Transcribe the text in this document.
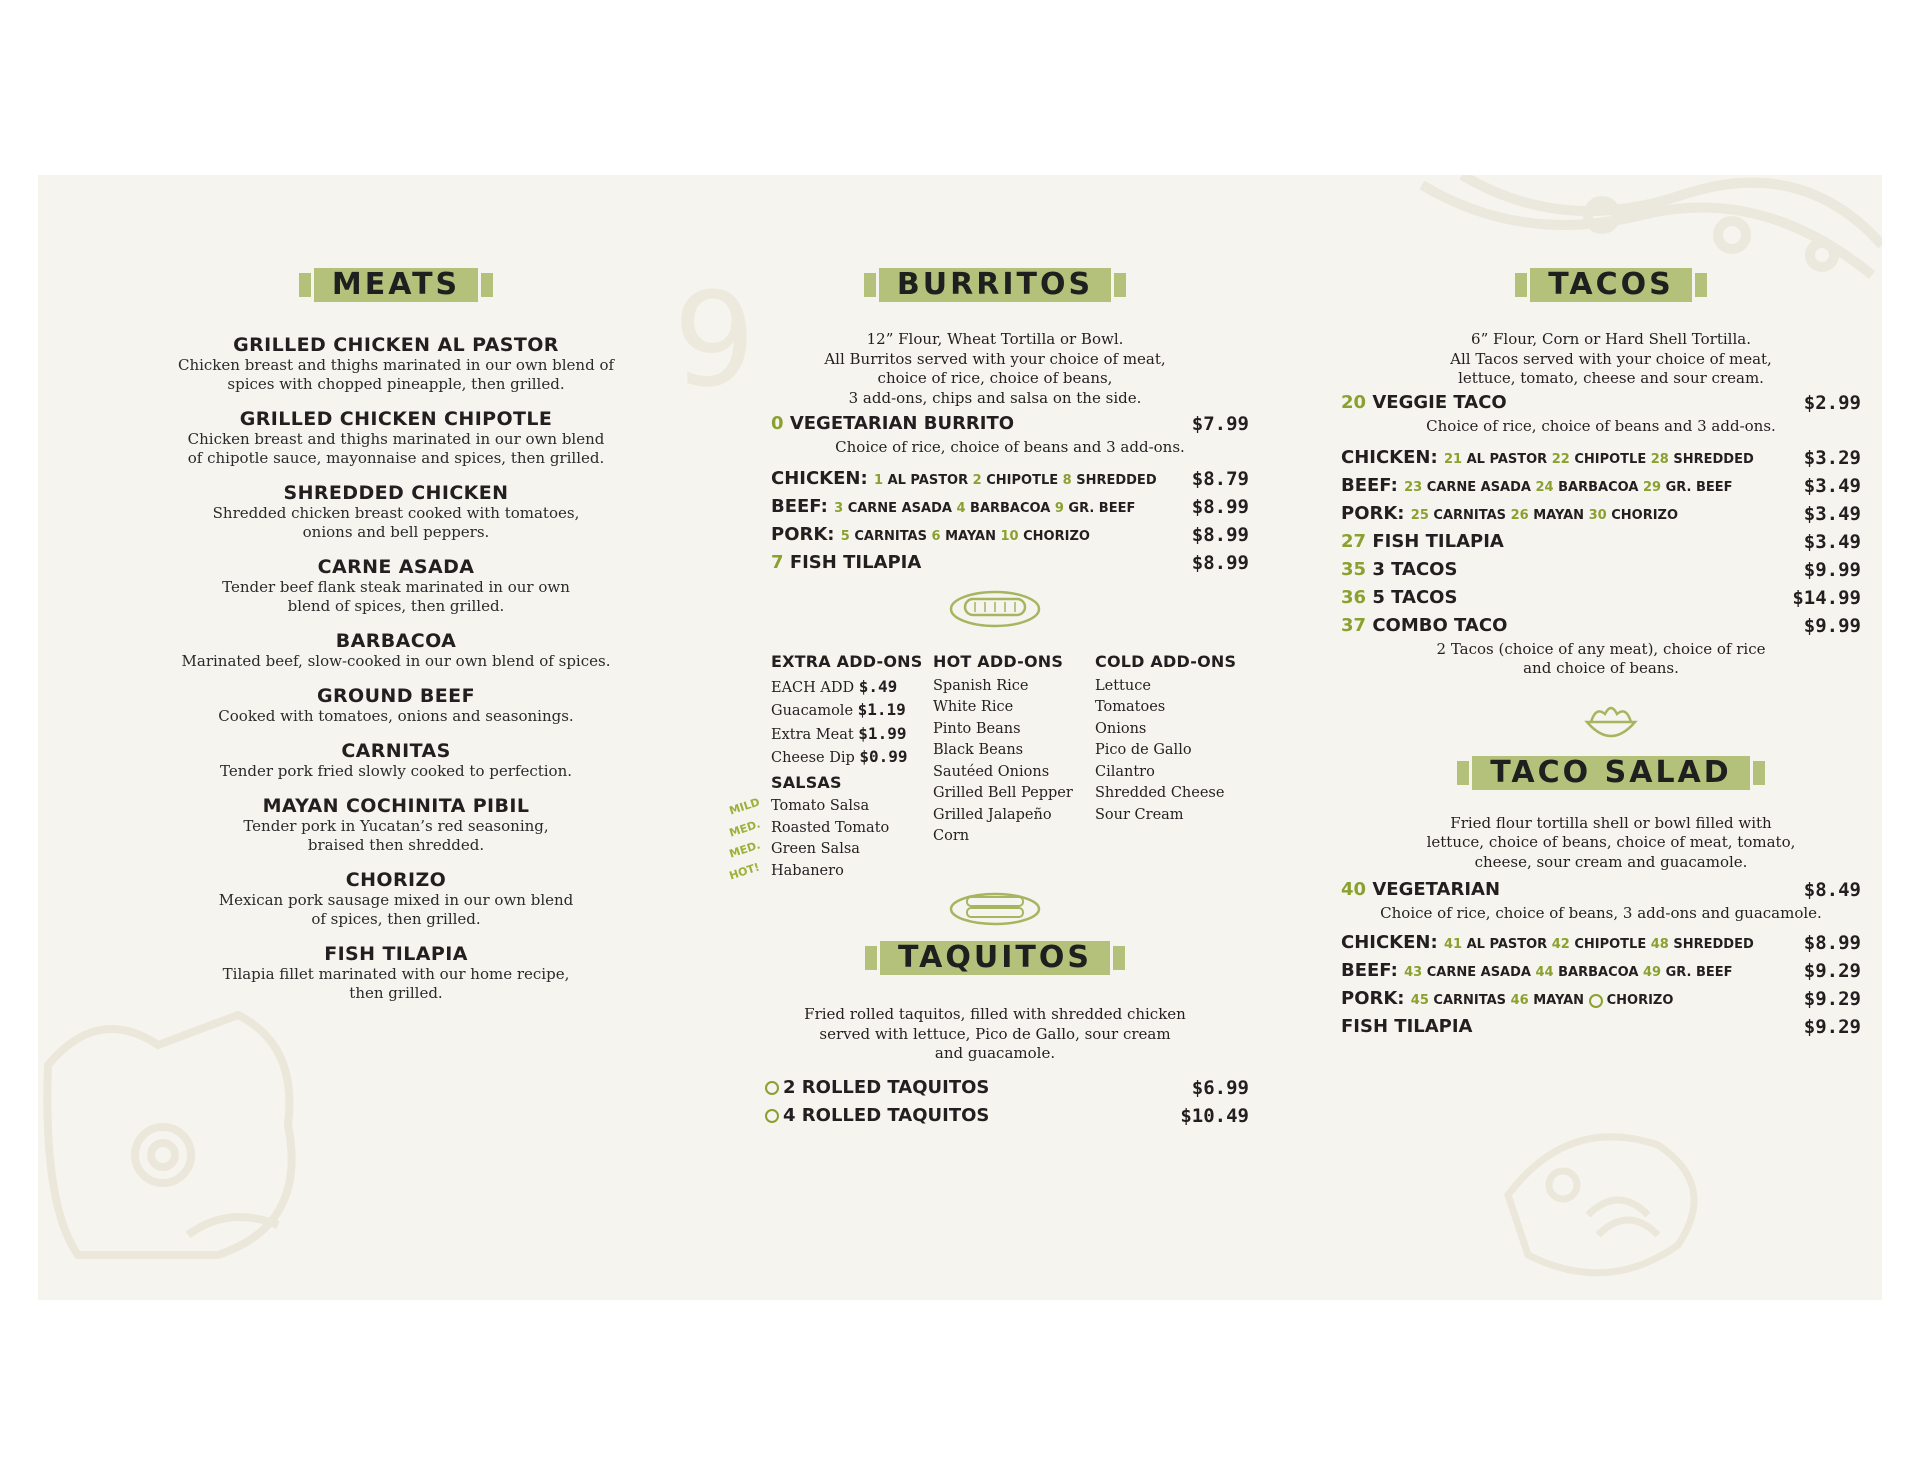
9
MEATS
GRILLED CHICKEN AL PASTOR
Chicken breast and thighs marinated in our own blend of
spices with chopped pineapple, then grilled.
GRILLED CHICKEN CHIPOTLE
Chicken breast and thighs marinated in our own blend
of chipotle sauce, mayonnaise and spices, then grilled.
SHREDDED CHICKEN
Shredded chicken breast cooked with tomatoes,
onions and bell peppers.
CARNE ASADA
Tender beef flank steak marinated in our own
blend of spices, then grilled.
BARBACOA
Marinated beef, slow-cooked in our own blend of spices.
GROUND BEEF
Cooked with tomatoes, onions and seasonings.
CARNITAS
Tender pork fried slowly cooked to perfection.
MAYAN COCHINITA PIBIL
Tender pork in Yucatan’s red seasoning,
braised then shredded.
CHORIZO
Mexican pork sausage mixed in our own blend
of spices, then grilled.
FISH TILAPIA
Tilapia fillet marinated with our home recipe,
then grilled.
BURRITOS
12” Flour, Wheat Tortilla or Bowl.
All Burritos served with your choice of meat,
choice of rice, choice of beans,
3 add-ons, chips and salsa on the side.
0 VEGETARIAN BURRITO	$7.99
Choice of rice, choice of beans and 3 add-ons.
CHICKEN: 1 AL PASTOR 2 CHIPOTLE 8 SHREDDED $8.79
BEEF: 3 CARNE ASADA 4 BARBACOA 9 GR. BEEF	$8.99
PORK: 5 CARNITAS 6 MAYAN 10 CHORIZO	$8.99
7 FISH TILAPIA	$8.99
EXTRA ADD-ONS
EACH ADD $.49
Guacamole $1.19
Extra Meat $1.99
Cheese Dip $0.99
SALSAS
MILD Tomato Salsa
MED. Roasted Tomato
MED. Green Salsa
HOT! Habanero
HOT ADD-ONS
Spanish Rice
White Rice
Pinto Beans
Black Beans
Sautéed Onions
Grilled Bell Pepper
Grilled Jalapeño
Corn
COLD ADD-ONS
Lettuce
Tomatoes
Onions
Pico de Gallo
Cilantro
Shredded Cheese
Sour Cream
TAQUITOS
Fried rolled taquitos, filled with shredded chicken
served with lettuce, Pico de Gallo, sour cream
and guacamole.
2 ROLLED TAQUITOS	$6.99
4 ROLLED TAQUITOS	$10.49
TACOS
6” Flour, Corn or Hard Shell Tortilla.
All Tacos served with your choice of meat,
lettuce, tomato, cheese and sour cream.
20 VEGGIE TACO	$2.99
Choice of rice, choice of beans and 3 add-ons.
CHICKEN: 21 AL PASTOR 22 CHIPOTLE 28 SHREDDED	$3.29
BEEF: 23 CARNE ASADA 24 BARBACOA 29 GR. BEEF	$3.49
PORK: 25 CARNITAS 26 MAYAN 30 CHORIZO	$3.49
27 FISH TILAPIA	$3.49
35 3 TACOS	$9.99
36 5 TACOS	$14.99
37 COMBO TACO	$9.99
2 Tacos (choice of any meat), choice of rice
and choice of beans.
TACO SALAD
Fried flour tortilla shell or bowl filled with
lettuce, choice of beans, choice of meat, tomato,
cheese, sour cream and guacamole.
40 VEGETARIAN	$8.49
Choice of rice, choice of beans, 3 add-ons and guacamole.
CHICKEN: 41 AL PASTOR 42 CHIPOTLE 48 SHREDDED	$8.99
BEEF: 43 CARNE ASADA 44 BARBACOA 49 GR. BEEF	$9.29
PORK: 45 CARNITAS 46 MAYAN CHORIZO	$9.29
FISH TILAPIA	$9.29
